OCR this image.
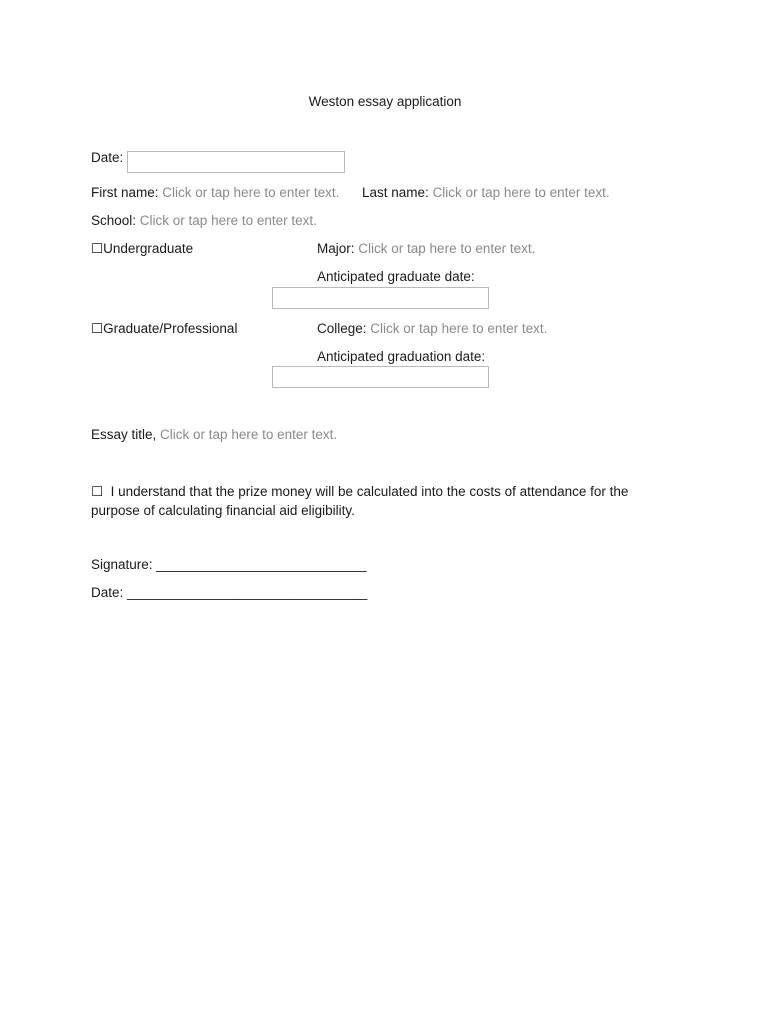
Weston essay application
Date:
First name: Click or tap here to enter text. Last name: Click or tap here to enter text.
School: Click or tap here to enter text.
☐Undergraduate	Major: Click or tap here to enter text.
Anticipated graduate date:
☐Graduate/Professional	College: Click or tap here to enter text.
Anticipated graduation date:
Essay title, Click or tap here to enter text.
☐ I understand that the prize money will be calculated into the costs of attendance for the purpose of calculating financial aid eligibility.
Signature: ____________________________
Date: ________________________________
